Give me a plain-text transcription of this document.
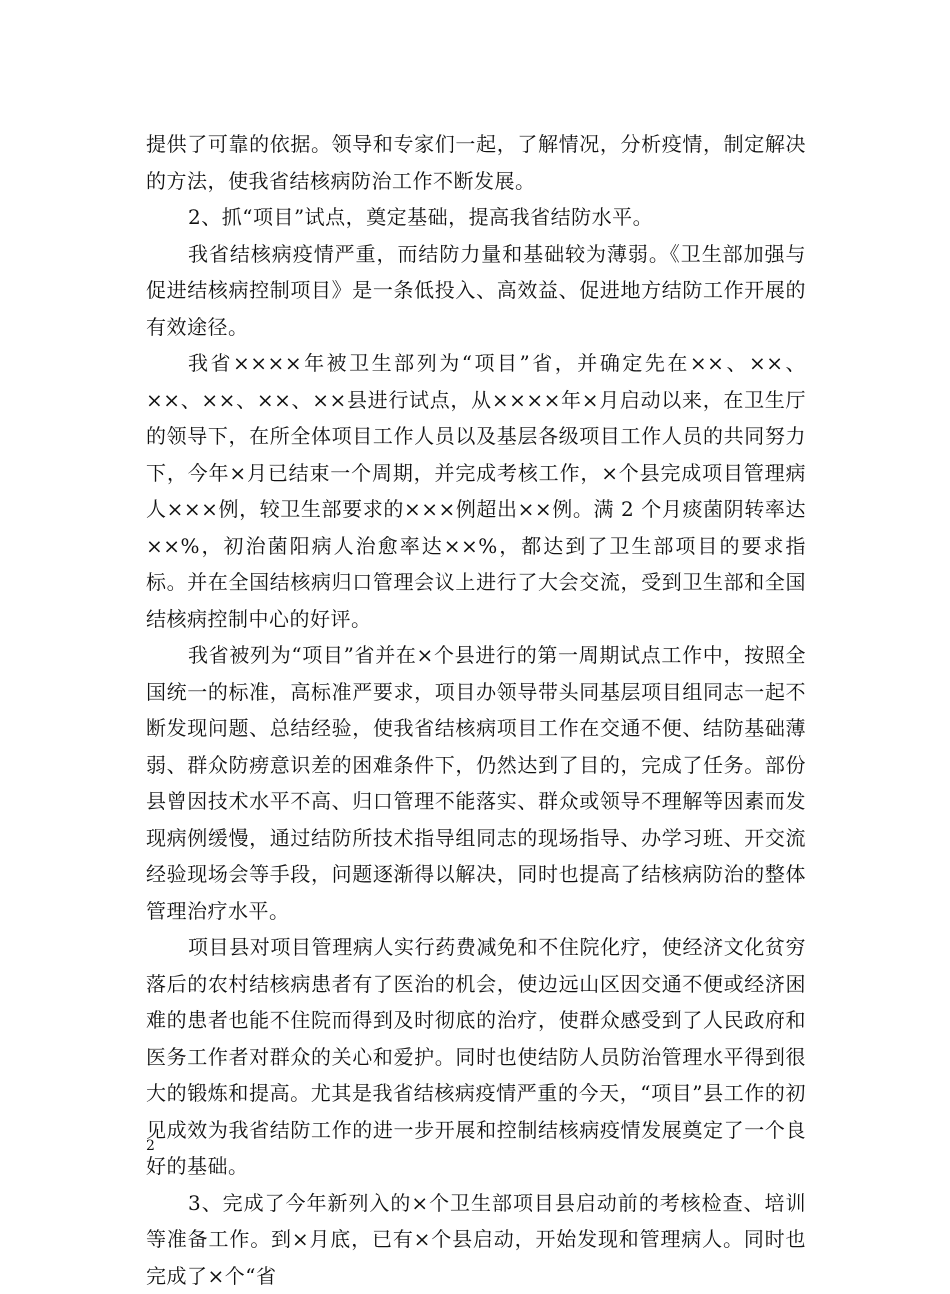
提供了可靠的依据。领导和专家们一起，了解情况，分析疫情，制定解决的方法，使我省结核病防治工作不断发展。

2、抓“项目”试点，奠定基础，提高我省结防水平。

我省结核病疫情严重，而结防力量和基础较为薄弱。《卫生部加强与促进结核病控制项目》是一条低投入、高效益、促进地方结防工作开展的有效途径。

我省××××年被卫生部列为“项目”省，并确定先在××、××、××、××、××、××县进行试点，从××××年×月启动以来，在卫生厅的领导下，在所全体项目工作人员以及基层各级项目工作人员的共同努力下，今年×月已结束一个周期，并完成考核工作，×个县完成项目管理病人×××例，较卫生部要求的×××例超出××例。满 2 个月痰菌阴转率达××%，初治菌阳病人治愈率达××%，都达到了卫生部项目的要求指标。并在全国结核病归口管理会议上进行了大会交流，受到卫生部和全国结核病控制中心的好评。

我省被列为“项目”省并在×个县进行的第一周期试点工作中，按照全国统一的标准，高标准严要求，项目办领导带头同基层项目组同志一起不断发现问题、总结经验，使我省结核病项目工作在交通不便、结防基础薄弱、群众防痨意识差的困难条件下，仍然达到了目的，完成了任务。部份县曾因技术水平不高、归口管理不能落实、群众或领导不理解等因素而发现病例缓慢，通过结防所技术指导组同志的现场指导、办学习班、开交流经验现场会等手段，问题逐渐得以解决，同时也提高了结核病防治的整体管理治疗水平。

项目县对项目管理病人实行药费减免和不住院化疗，使经济文化贫穷落后的农村结核病患者有了医治的机会，使边远山区因交通不便或经济困难的患者也能不住院而得到及时彻底的治疗，使群众感受到了人民政府和医务工作者对群众的关心和爱护。同时也使结防人员防治管理水平得到很大的锻炼和提高。尤其是我省结核病疫情严重的今天，“项目”县工作的初见成效为我省结防工作的进一步开展和控制结核病疫情发展奠定了一个良好的基础。

3、完成了今年新列入的×个卫生部项目县启动前的考核检查、培训等准备工作。到×月底，已有×个县启动，开始发现和管理病人。同时也完成了×个“省

2
